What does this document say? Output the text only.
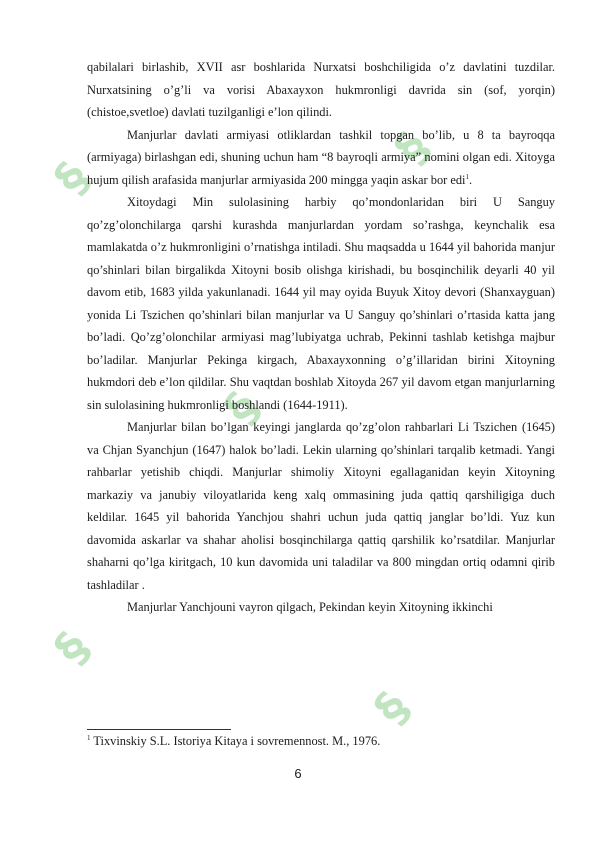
§
§
§
§
§

qabilalari birlashib, XVII asr boshlarida Nurxatsi boshchiligida o’z davlatini tuzdilar. Nurxatsining o’g’li va vorisi Abaxayxon hukmronligi davrida sin (sof, yorqin) (chistoe,svetloe) davlati tuzilganligi e’lon qilindi.

Manjurlar davlati armiyasi otliklardan tashkil topgan bo’lib, u 8 ta bayroqqa (armiyaga) birlashgan edi, shuning uchun ham “8 bayroqli armiya” nomini olgan edi. Xitoyga hujum qilish arafasida manjurlar armiyasida 200 mingga yaqin askar bor edi$^1$.

Xitoydagi Min sulolasining harbiy qo’mondonlaridan biri U Sanguy qo’zg’olonchilarga qarshi kurashda manjurlardan yordam so’rashga, keynchalik esa mamlakatda o’z hukmronligini o’rnatishga intiladi. Shu maqsadda u 1644 yil bahorida manjur qo’shinlari bilan birgalikda Xitoyni bosib olishga kirishadi, bu bosqinchilik deyarli 40 yil davom etib, 1683 yilda yakunlanadi. 1644 yil may oyida Buyuk Xitoy devori (Shanxayguan) yonida Li Tszichen qo’shinlari bilan manjurlar va U Sanguy qo’shinlari o’rtasida katta jang bo’ladi. Qo’zg’olonchilar armiyasi mag’lubiyatga uchrab, Pekinni tashlab ketishga majbur bo’ladilar. Manjurlar Pekinga kirgach, Abaxayxonning o’g’illaridan birini Xitoyning hukmdori deb e’lon qildilar. Shu vaqtdan boshlab Xitoyda 267 yil davom etgan manjurlarning sin sulolasining hukmronligi boshlandi (1644-1911).

Manjurlar bilan bo’lgan keyingi janglarda qo’zg’olon rahbarlari Li Tszichen (1645) va Chjan Syanchjun (1647) halok bo’ladi. Lekin ularning qo’shinlari tarqalib ketmadi. Yangi rahbarlar yetishib chiqdi. Manjurlar shimoliy Xitoyni egallaganidan keyin Xitoyning markaziy va janubiy viloyatlarida keng xalq ommasining juda qattiq qarshiligiga duch keldilar. 1645 yil bahorida Yanchjou shahri uchun juda qattiq janglar bo’ldi. Yuz kun davomida askarlar va shahar aholisi bosqinchilarga qattiq qarshilik ko’rsatdilar. Manjurlar shaharni qo’lga kiritgach, 10 kun davomida uni taladilar va 800 mingdan ortiq odamni qirib tashladilar .

Manjurlar Yanchjouni vayron qilgach, Pekindan keyin Xitoyning ikkinchi

$^1$ Tixvinskiy S.L. Istoriya Kitaya i sovremennost. M., 1976.
6
